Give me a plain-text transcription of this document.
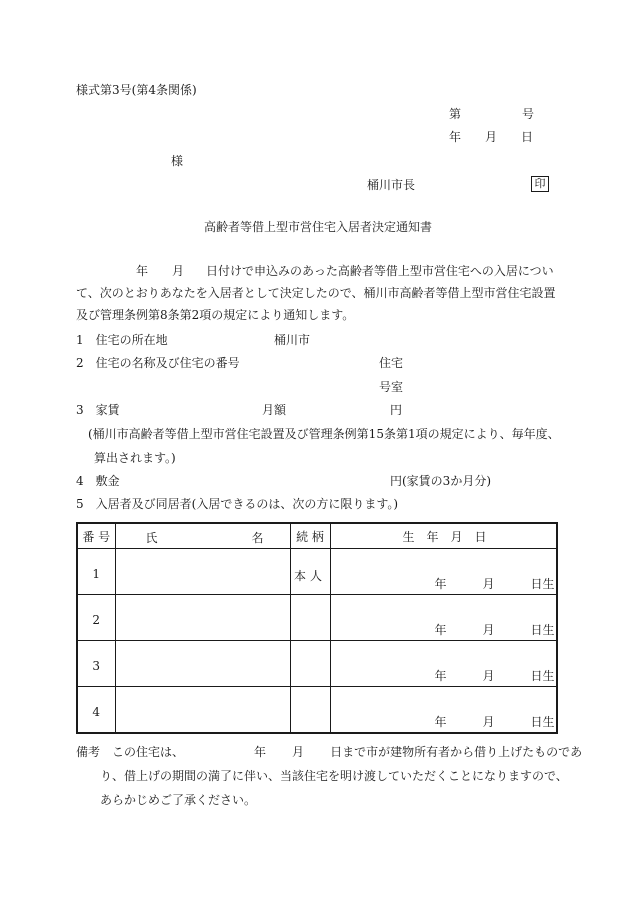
様式第3号(第4条関係)
第	号
年 月 日
様
桶川市長	印
高齢者等借上型市営住宅入居者決定通知書
年 月 日付けで申込みのあった高齢者等借上型市営住宅への入居につい
て、次のとおりあなたを入居者として決定したので、桶川市高齢者等借上型市営住宅設置
及び管理条例第8条第2項の規定により通知します。
1　住宅の所在地	桶川市
2　住宅の名称及び住宅の番号	住宅
号室
3　家賃	月額	円
(桶川市高齢者等借上型市営住宅設置及び管理条例第15条第1項の規定により、毎年度、
算出されます。)
4　敷金	円(家賃の3か月分)
5　入居者及び同居者(入居できるのは、次の方に限ります。)
番 号	氏 名	続 柄	生　年　月　日
1		本人	年 月 日生

2			年 月 日生

3			年 月 日生

4			年 月 日生
備考 この住宅は、	年 月 日まで市が建物所有者から借り上げたものであ
り、借上げの期間の満了に伴い、当該住宅を明け渡していただくことになりますので、
あらかじめご了承ください。
